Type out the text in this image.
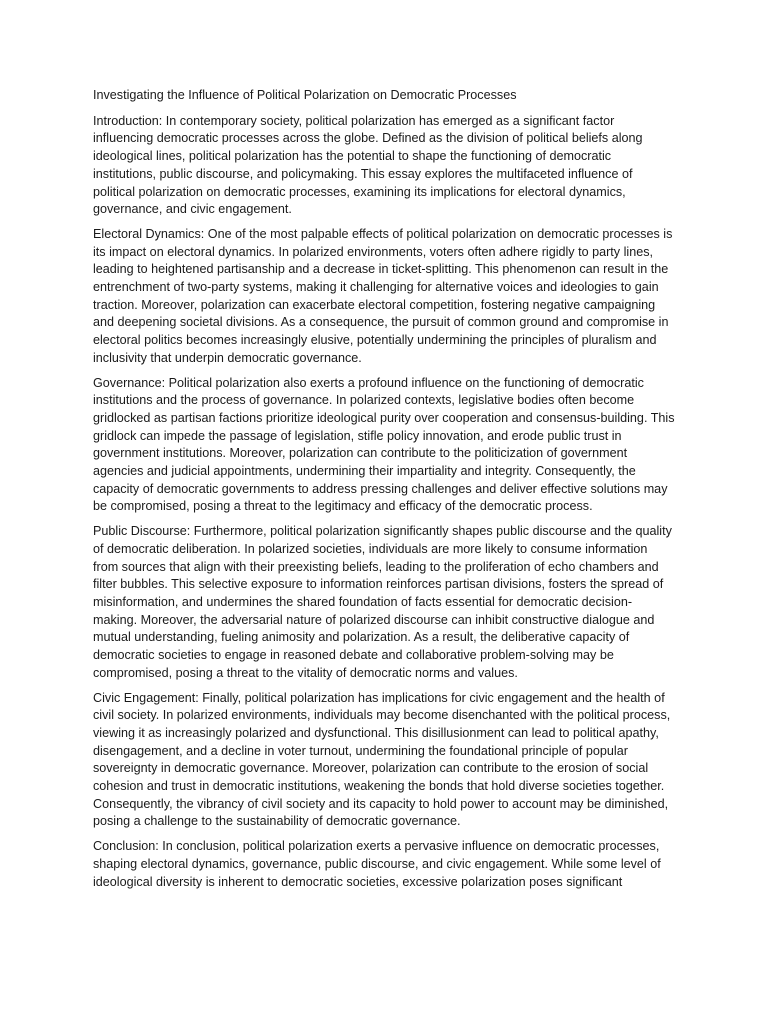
Investigating the Influence of Political Polarization on Democratic Processes

Introduction: In contemporary society, political polarization has emerged as a significant factor influencing democratic processes across the globe. Defined as the division of political beliefs along ideological lines, political polarization has the potential to shape the functioning of democratic institutions, public discourse, and policymaking. This essay explores the multifaceted influence of political polarization on democratic processes, examining its implications for electoral dynamics, governance, and civic engagement.

Electoral Dynamics: One of the most palpable effects of political polarization on democratic processes is its impact on electoral dynamics. In polarized environments, voters often adhere rigidly to party lines, leading to heightened partisanship and a decrease in ticket-splitting. This phenomenon can result in the entrenchment of two-party systems, making it challenging for alternative voices and ideologies to gain traction. Moreover, polarization can exacerbate electoral competition, fostering negative campaigning and deepening societal divisions. As a consequence, the pursuit of common ground and compromise in electoral politics becomes increasingly elusive, potentially undermining the principles of pluralism and inclusivity that underpin democratic governance.

Governance: Political polarization also exerts a profound influence on the functioning of democratic institutions and the process of governance. In polarized contexts, legislative bodies often become gridlocked as partisan factions prioritize ideological purity over cooperation and consensus-building. This gridlock can impede the passage of legislation, stifle policy innovation, and erode public trust in government institutions. Moreover, polarization can contribute to the politicization of government agencies and judicial appointments, undermining their impartiality and integrity. Consequently, the capacity of democratic governments to address pressing challenges and deliver effective solutions may be compromised, posing a threat to the legitimacy and efficacy of the democratic process.

Public Discourse: Furthermore, political polarization significantly shapes public discourse and the quality of democratic deliberation. In polarized societies, individuals are more likely to consume information from sources that align with their preexisting beliefs, leading to the proliferation of echo chambers and filter bubbles. This selective exposure to information reinforces partisan divisions, fosters the spread of misinformation, and undermines the shared foundation of facts essential for democratic decision-making. Moreover, the adversarial nature of polarized discourse can inhibit constructive dialogue and mutual understanding, fueling animosity and polarization. As a result, the deliberative capacity of democratic societies to engage in reasoned debate and collaborative problem-solving may be compromised, posing a threat to the vitality of democratic norms and values.

Civic Engagement: Finally, political polarization has implications for civic engagement and the health of civil society. In polarized environments, individuals may become disenchanted with the political process, viewing it as increasingly polarized and dysfunctional. This disillusionment can lead to political apathy, disengagement, and a decline in voter turnout, undermining the foundational principle of popular sovereignty in democratic governance. Moreover, polarization can contribute to the erosion of social cohesion and trust in democratic institutions, weakening the bonds that hold diverse societies together. Consequently, the vibrancy of civil society and its capacity to hold power to account may be diminished, posing a challenge to the sustainability of democratic governance.

Conclusion: In conclusion, political polarization exerts a pervasive influence on democratic processes, shaping electoral dynamics, governance, public discourse, and civic engagement. While some level of ideological diversity is inherent to democratic societies, excessive polarization poses significant
